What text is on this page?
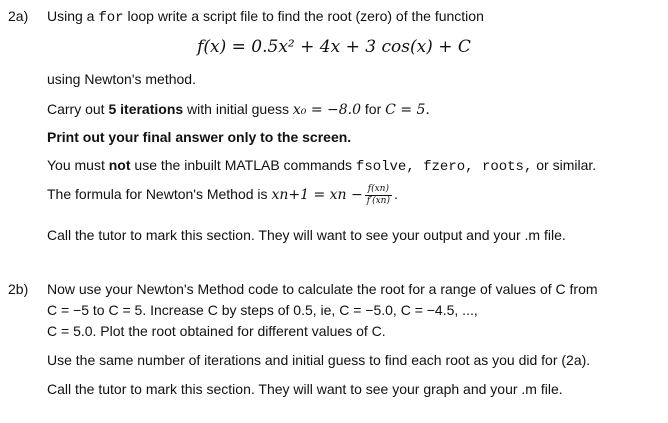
2a) Using a for loop write a script file to find the root (zero) of the function
f(x) = 0.5x² + 4x + 3 cos(x) + C
using Newton's method.
Carry out 5 iterations with initial guess x₀ = −8.0 for C = 5.
Print out your final answer only to the screen.
You must not use the inbuilt MATLAB commands fsolve, fzero, roots, or similar.
The formula for Newton's Method is xn+1 = xn − $\frac{f(xn)}{f'(xn)}$ .
Call the tutor to mark this section. They will want to see your output and your .m file.
2b) Now use your Newton's Method code to calculate the root for a range of values of C from
C = −5 to C = 5. Increase C by steps of 0.5, ie, C = −5.0, C = −4.5, ...,
C = 5.0. Plot the root obtained for different values of C.
Use the same number of iterations and initial guess to find each root as you did for (2a).
Call the tutor to mark this section. They will want to see your graph and your .m file.
